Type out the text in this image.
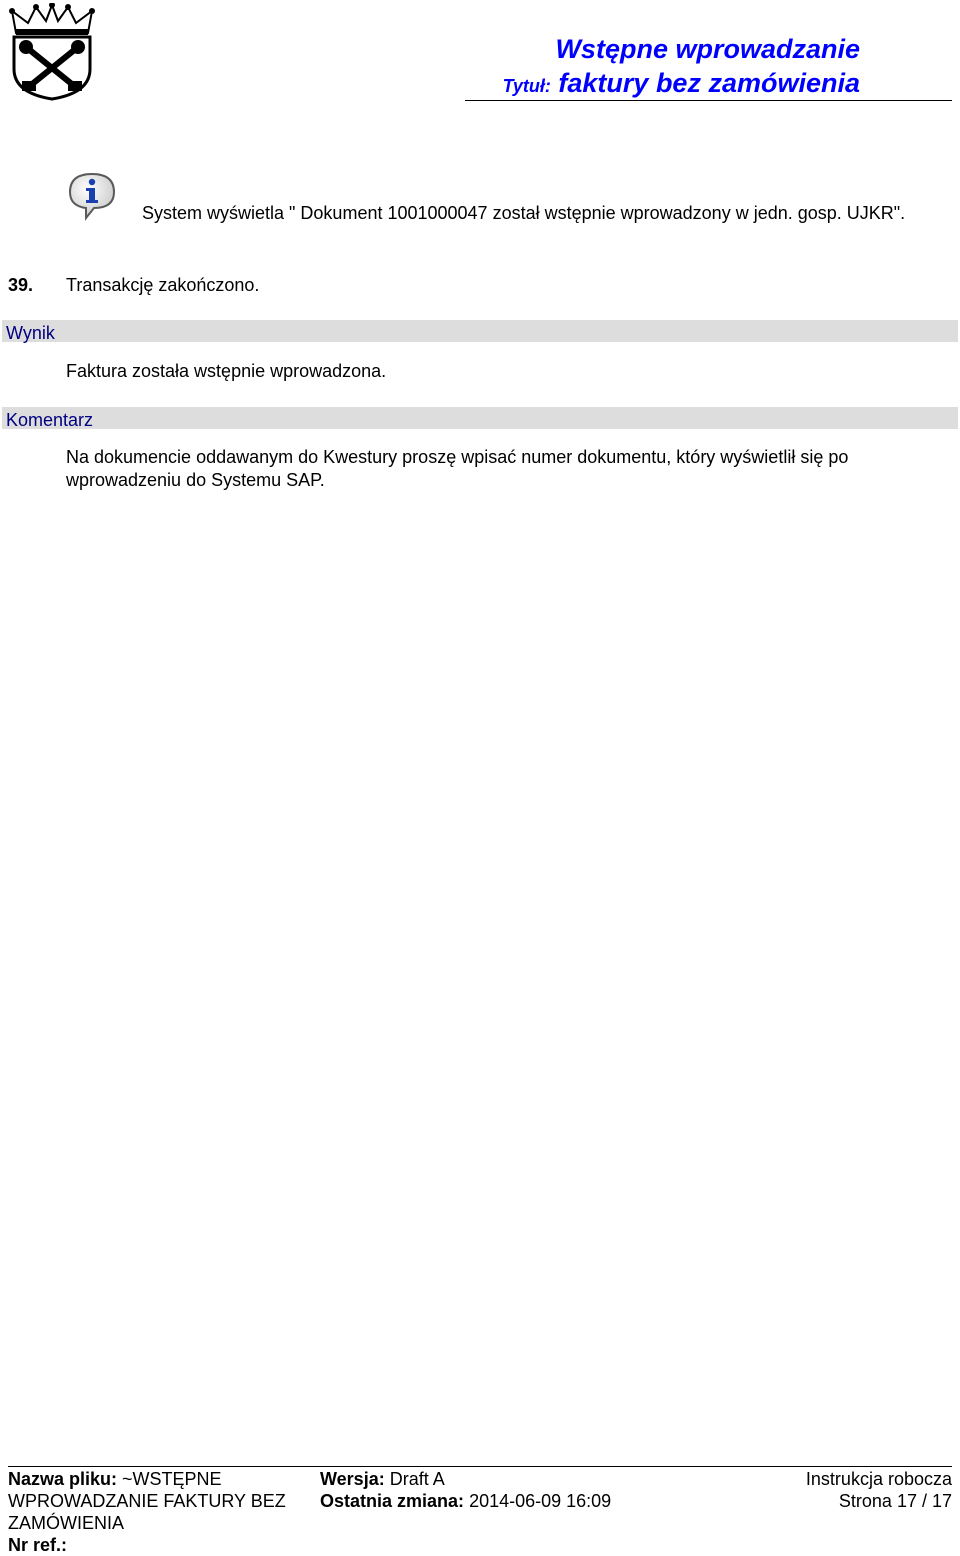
Wstępne wprowadzanie
Tytuł: faktury bez zamówienia
System wyświetla " Dokument 1001000047 został wstępnie wprowadzony w jedn. gosp. UJKR".
39. Transakcję zakończono.
Wynik
Faktura została wstępnie wprowadzona.
Komentarz
Na dokumencie oddawanym do Kwestury proszę wpisać numer dokumentu, który wyświetlił się po wprowadzeniu do Systemu SAP.
Nazwa pliku: ~WSTĘPNE
WPROWADZANIE FAKTURY BEZ
ZAMÓWIENIA
Nr ref.:
Wersja: Draft A
Ostatnia zmiana: 2014-06-09 16:09
Instrukcja robocza
Strona 17 / 17
